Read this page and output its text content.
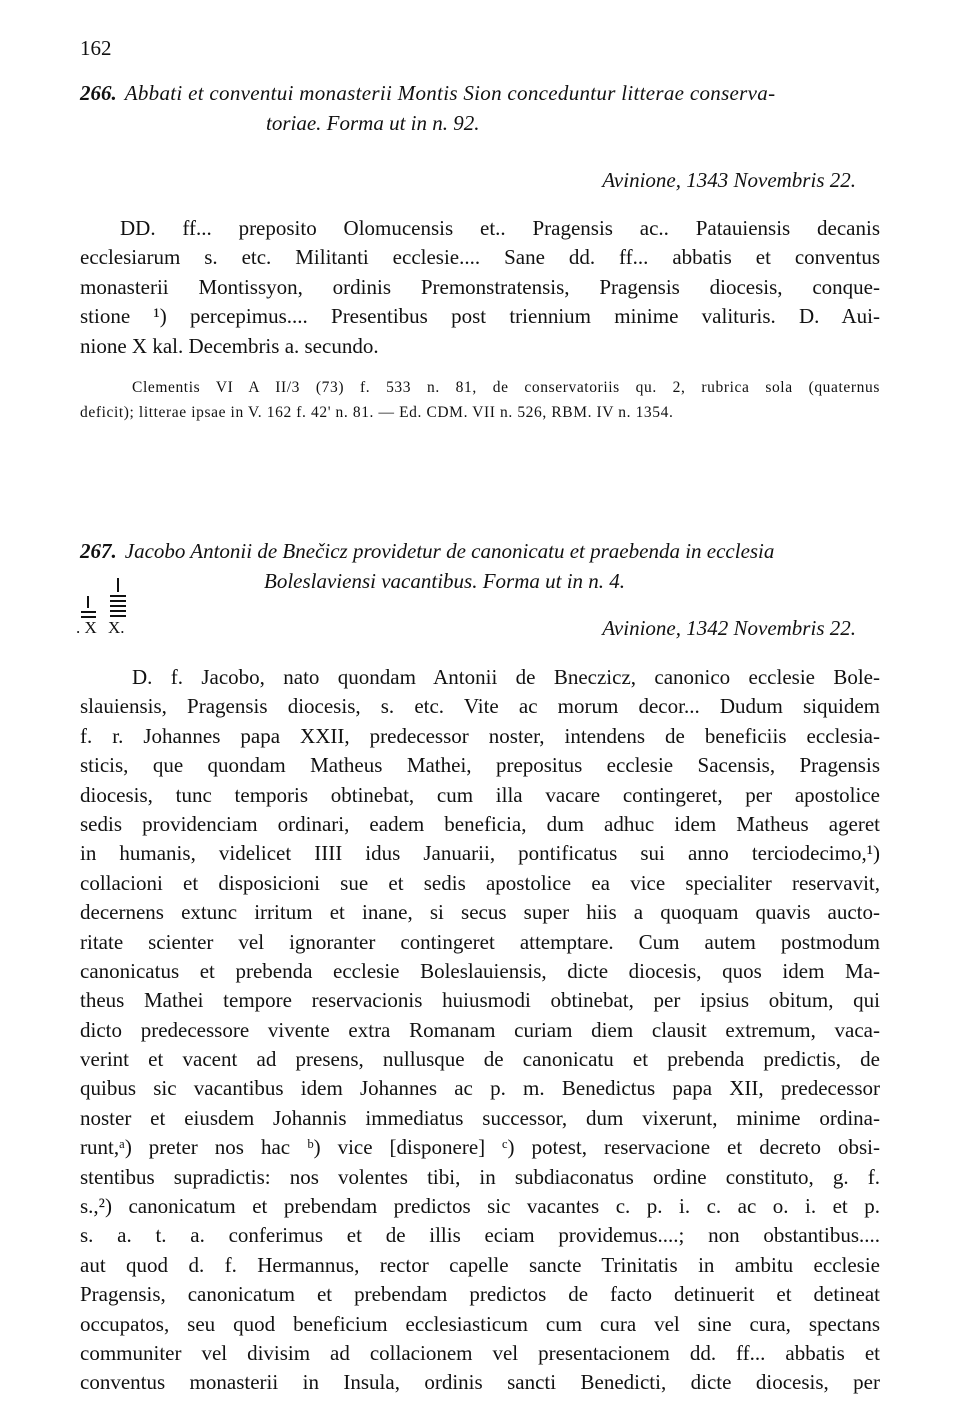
162
266. Abbati et conventui monasterii Montis Sion conceduntur litterae conserva-
toriae. Forma ut in n. 92.
Avinione, 1343 Novembris 22.
DD. ff... preposito Olomucensis et.. Pragensis ac.. Patauiensis decanis
ecclesiarum s. etc. Militanti ecclesie.... Sane dd. ff... abbatis et conventus
monasterii Montissyon, ordinis Premonstratensis, Pragensis diocesis, conque-
stione ¹) percepimus.... Presentibus post triennium minime valituris. D. Aui-
nione X kal. Decembris a. secundo.
Clementis VI A II/3 (73) f. 533 n. 81, de conservatoriis qu. 2, rubrica sola (quaternus
deficit); litterae ipsae in V. 162 f. 42' n. 81. — Ed. CDM. VII n. 526, RBM. IV n. 1354.
267. Jacobo Antonii de Bnečicz providetur de canonicatu et praebenda in ecclesia
Boleslaviensi vacantibus. Forma ut in n. 4.
. X X.	Avinione, 1342 Novembris 22.
D. f. Jacobo, nato quondam Antonii de Bneczicz, canonico ecclesie Bole-
slauiensis, Pragensis diocesis, s. etc. Vite ac morum decor... Dudum siquidem
f. r. Johannes papa XXII, predecessor noster, intendens de beneficiis ecclesia-
sticis, que quondam Matheus Mathei, prepositus ecclesie Sacensis, Pragensis
diocesis, tunc temporis obtinebat, cum illa vacare contingeret, per apostolice
sedis providenciam ordinari, eadem beneficia, dum adhuc idem Matheus ageret
in humanis, videlicet IIII idus Januarii, pontificatus sui anno terciodecimo,¹)
collacioni et disposicioni sue et sedis apostolice ea vice specialiter reservavit,
decernens extunc irritum et inane, si secus super hiis a quoquam quavis aucto-
ritate scienter vel ignoranter contingeret attemptare. Cum autem postmodum
canonicatus et prebenda ecclesie Boleslauiensis, dicte diocesis, quos idem Ma-
theus Mathei tempore reservacionis huiusmodi obtinebat, per ipsius obitum, qui
dicto predecessore vivente extra Romanam curiam diem clausit extremum, vaca-
verint et vacent ad presens, nullusque de canonicatu et prebenda predictis, de
quibus sic vacantibus idem Johannes ac p. m. Benedictus papa XII, predecessor
noster et eiusdem Johannis immediatus successor, dum vixerunt, minime ordina-
runt,ᵃ) preter nos hac ᵇ) vice [disponere] ᶜ) potest, reservacione et decreto obsi-
stentibus supradictis: nos volentes tibi, in subdiaconatus ordine constituto, g. f.
s.,²) canonicatum et prebendam predictos sic vacantes c. p. i. c. ac o. i. et p.
s. a. t. a. conferimus et de illis eciam providemus....; non obstantibus....
aut quod d. f. Hermannus, rector capelle sancte Trinitatis in ambitu ecclesie
Pragensis, canonicatum et prebendam predictos de facto detinuerit et detineat
occupatos, seu quod beneficium ecclesiasticum cum cura vel sine cura, spectans
communiter vel divisim ad collacionem vel presentacionem dd. ff... abbatis et
conventus monasterii in Insula, ordinis sancti Benedicti, dicte diocesis, per
